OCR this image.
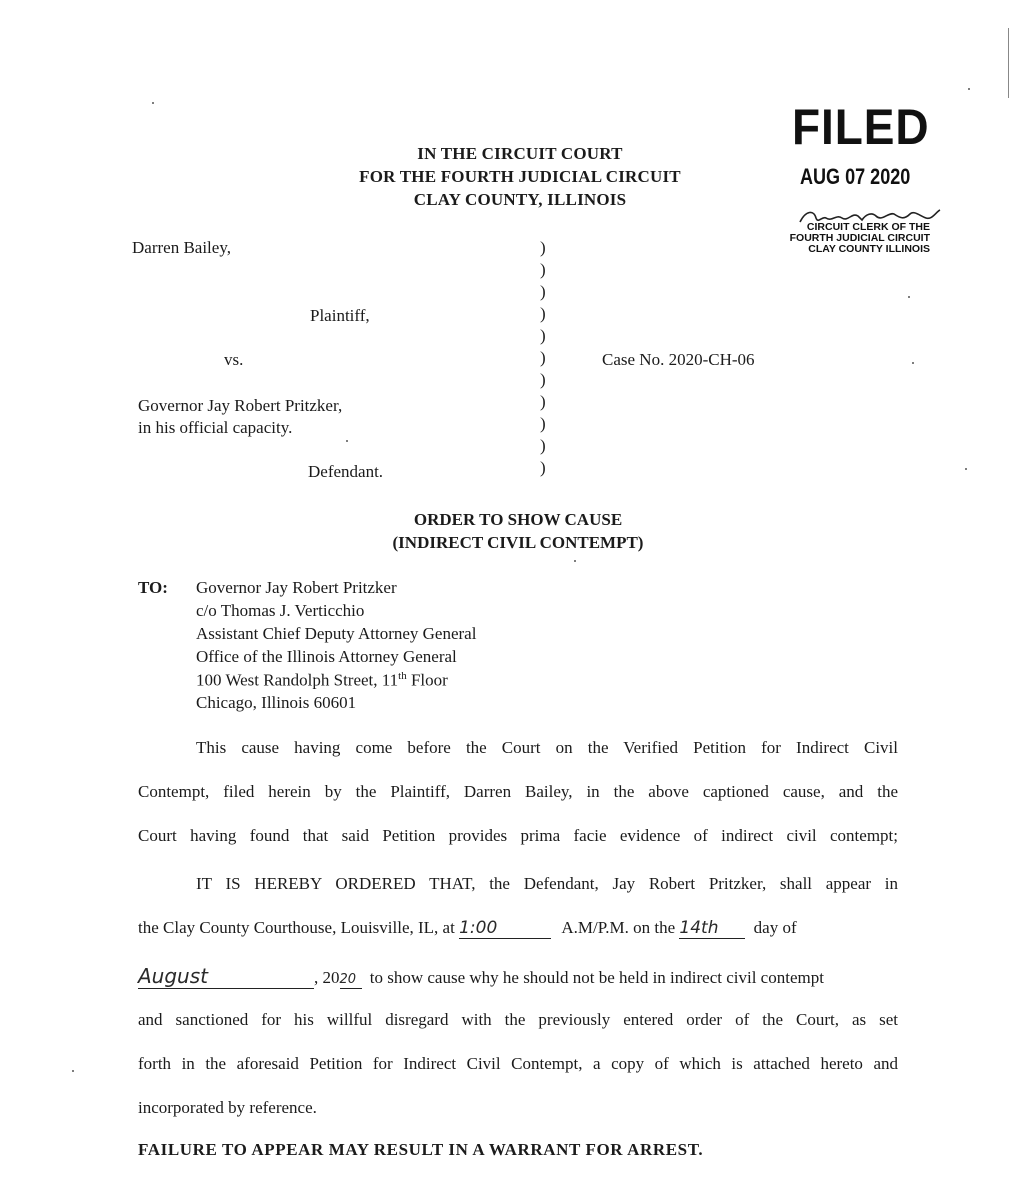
FILED
AUG 07 2020
CIRCUIT CLERK OF THE
FOURTH JUDICIAL CIRCUIT
CLAY COUNTY ILLINOIS
IN THE CIRCUIT COURT
FOR THE FOURTH JUDICIAL CIRCUIT
CLAY COUNTY, ILLINOIS
Darren Bailey,
Plaintiff,
vs.
Governor Jay Robert Pritzker,
in his official capacity.
Defendant.
Case No. 2020-CH-06
)
)
)
)
)
)
)
)
)
)
)
ORDER TO SHOW CAUSE
(INDIRECT CIVIL CONTEMPT)
TO: Governor Jay Robert Pritzker
c/o Thomas J. Verticchio
Assistant Chief Deputy Attorney General
Office of the Illinois Attorney General
100 West Randolph Street, 11th Floor
Chicago, Illinois 60601
This cause having come before the Court on the Verified Petition for Indirect Civil
Contempt, filed herein by the Plaintiff, Darren Bailey, in the above captioned cause, and the
Court having found that said Petition provides prima facie evidence of indirect civil contempt;
IT IS HEREBY ORDERED THAT, the Defendant, Jay Robert Pritzker, shall appear in
the Clay County Courthouse, Louisville, IL, at 1:00	A.M/P.M. on the 14th day of
August	, 2020 to show cause why he should not be held in indirect civil contempt
and sanctioned for his willful disregard with the previously entered order of the Court, as set
forth in the aforesaid Petition for Indirect Civil Contempt, a copy of which is attached hereto and
incorporated by reference.
FAILURE TO APPEAR MAY RESULT IN A WARRANT FOR ARREST.
